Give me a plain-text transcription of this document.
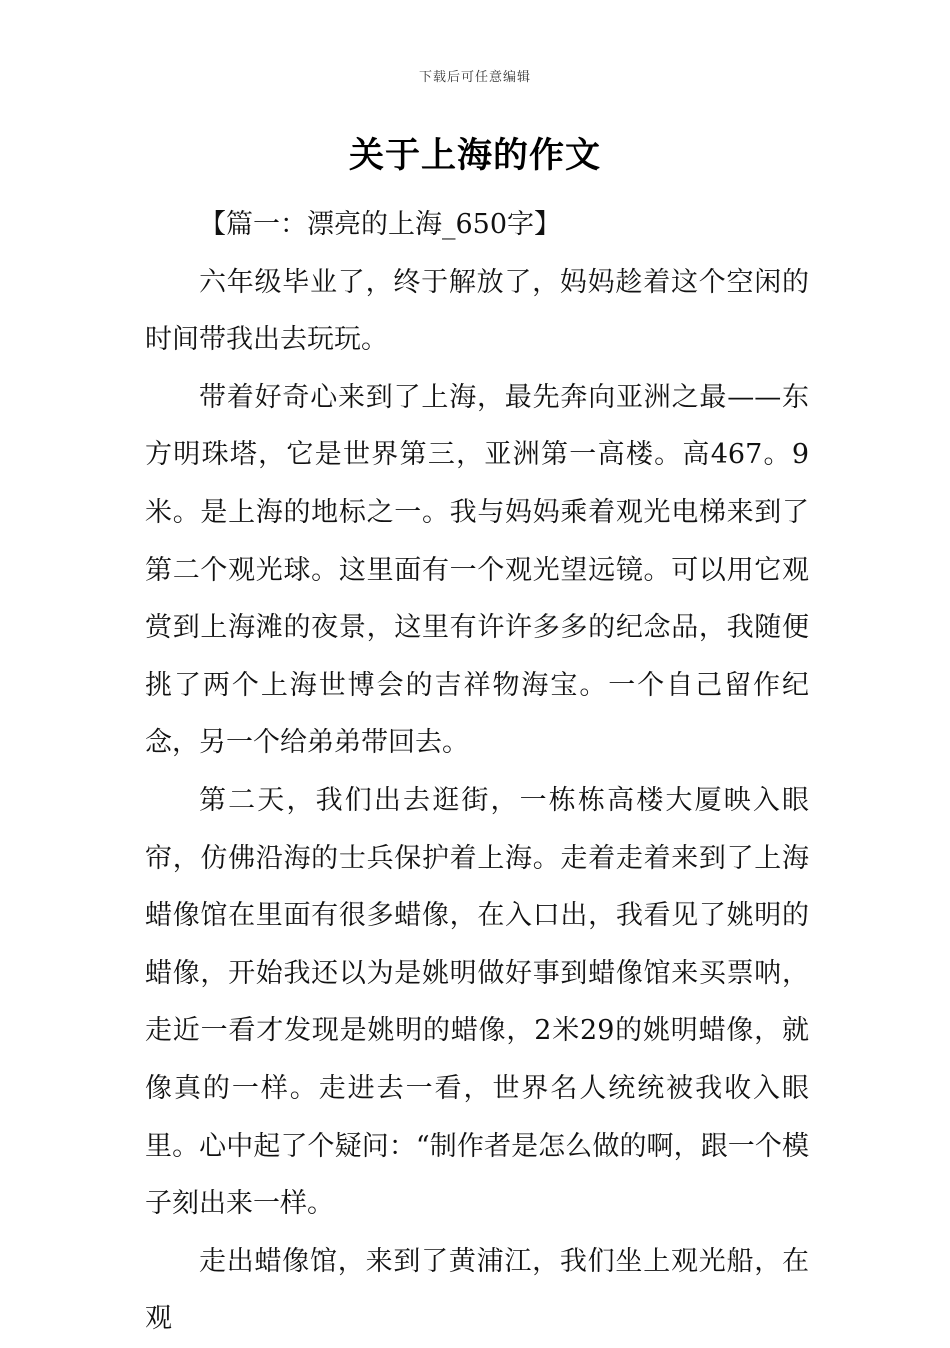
下载后可任意编辑
关于上海的作文

【篇一：漂亮的上海_650字】

六年级毕业了，终于解放了，妈妈趁着这个空闲的时间带我出去玩玩。

带着好奇心来到了上海，最先奔向亚洲之最——东方明珠塔，它是世界第三，亚洲第一高楼。高467。9米。是上海的地标之一。我与妈妈乘着观光电梯来到了第二个观光球。这里面有一个观光望远镜。可以用它观赏到上海滩的夜景，这里有许许多多的纪念品，我随便挑了两个上海世博会的吉祥物海宝。一个自己留作纪念，另一个给弟弟带回去。

第二天，我们出去逛街，一栋栋高楼大厦映入眼帘，仿佛沿海的士兵保护着上海。走着走着来到了上海蜡像馆在里面有很多蜡像，在入口出，我看见了姚明的蜡像，开始我还以为是姚明做好事到蜡像馆来买票呐，走近一看才发现是姚明的蜡像，2米29的姚明蜡像，就像真的一样。走进去一看，世界名人统统被我收入眼里。心中起了个疑问：“制作者是怎么做的啊，跟一个模子刻出来一样。

走出蜡像馆，来到了黄浦江，我们坐上观光船，在观
